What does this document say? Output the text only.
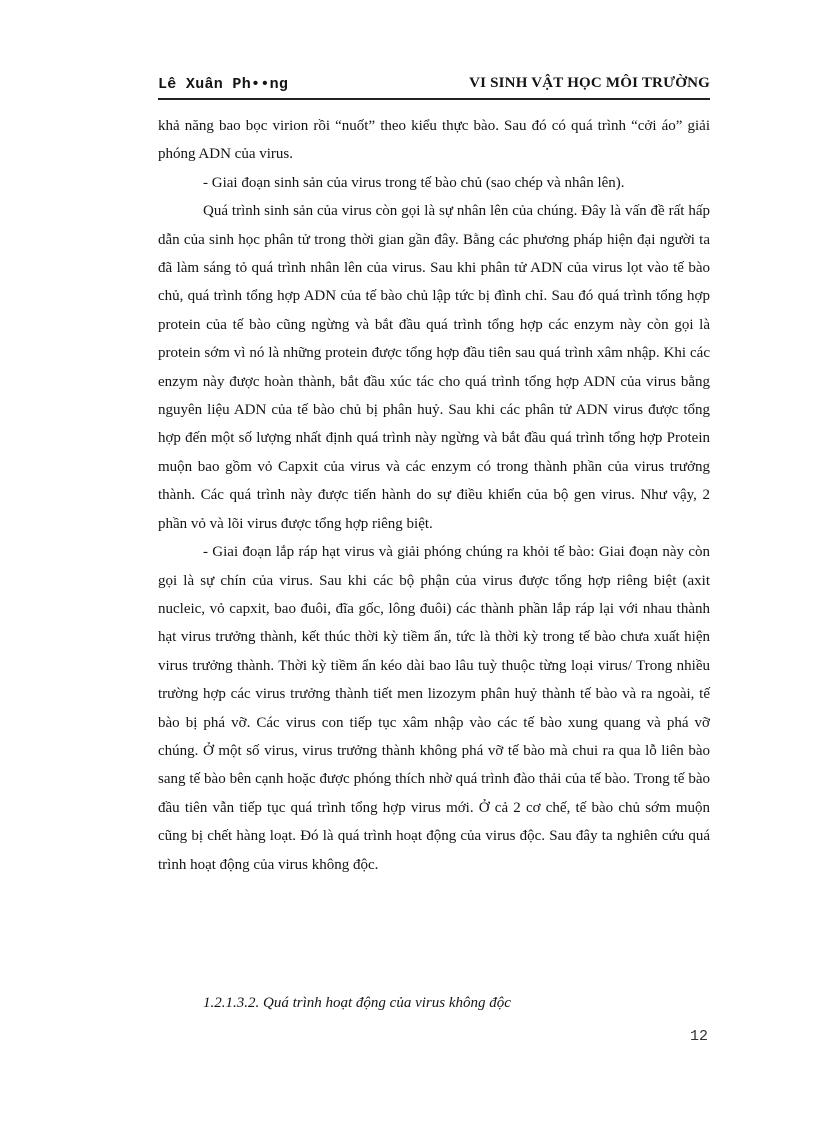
Lê Xuân Ph••ng	VI SINH VẬT HỌC MÔI TRƯỜNG

khả năng bao bọc virion rồi “nuốt” theo kiểu thực bào. Sau đó có quá trình “cởi áo” giải phóng ADN của virus.

- Giai đoạn sinh sản của virus trong tế bào chủ (sao chép và nhân lên).

Quá trình sinh sản của virus còn gọi là sự nhân lên của chúng. Đây là vấn đề rất hấp dẫn của sinh học phân tử trong thời gian gần đây. Bằng các phương pháp hiện đại người ta đã làm sáng tỏ quá trình nhân lên của virus. Sau khi phân tử ADN của virus lọt vào tế bào chủ, quá trình tổng hợp ADN của tế bào chủ lập tức bị đình chỉ. Sau đó quá trình tổng hợp protein của tế bào cũng ngừng và bắt đầu quá trình tổng hợp các enzym này còn gọi là protein sớm vì nó là những protein được tổng hợp đầu tiên sau quá trình xâm nhập. Khi các enzym này được hoàn thành, bắt đầu xúc tác cho quá trình tổng hợp ADN của virus bằng nguyên liệu ADN của tế bào chủ bị phân huỷ. Sau khi các phân tử ADN virus được tổng hợp đến một số lượng nhất định quá trình này ngừng và bắt đầu quá trình tổng hợp Protein muộn bao gồm vỏ Capxit của virus và các enzym có trong thành phần của virus trưởng thành. Các quá trình này được tiến hành do sự điều khiển của bộ gen virus. Như vậy, 2 phần vỏ và lõi virus được tổng hợp riêng biệt.

- Giai đoạn lắp ráp hạt virus và giải phóng chúng ra khỏi tế bào: Giai đoạn này còn gọi là sự chín của virus. Sau khi các bộ phận của virus được tổng hợp riêng biệt (axit nucleic, vỏ capxit, bao đuôi, đĩa gốc, lông đuôi) các thành phần lắp ráp lại với nhau thành hạt virus trưởng thành, kết thúc thời kỳ tiềm ẩn, tức là thời kỳ trong tế bào chưa xuất hiện virus trưởng thành. Thời kỳ tiềm ẩn kéo dài bao lâu tuỳ thuộc từng loại virus/ Trong nhiều trường hợp các virus trưởng thành tiết men lizozym phân huỷ thành tế bào và ra ngoài, tế bào bị phá vỡ. Các virus con tiếp tục xâm nhập vào các tế bào xung quang và phá vỡ chúng. Ở một số virus, virus trưởng thành không phá vỡ tế bào mà chui ra qua lỗ liên bào sang tế bào bên cạnh hoặc được phóng thích nhờ quá trình đào thải của tế bào. Trong tế bào đầu tiên vẫn tiếp tục quá trình tổng hợp virus mới. Ở cả 2 cơ chế, tế bào chủ sớm muộn cũng bị chết hàng loạt. Đó là quá trình hoạt động của virus độc. Sau đây ta nghiên cứu quá trình hoạt động của virus không độc.

1.2.1.3.2. Quá trình hoạt động của virus không độc
12
